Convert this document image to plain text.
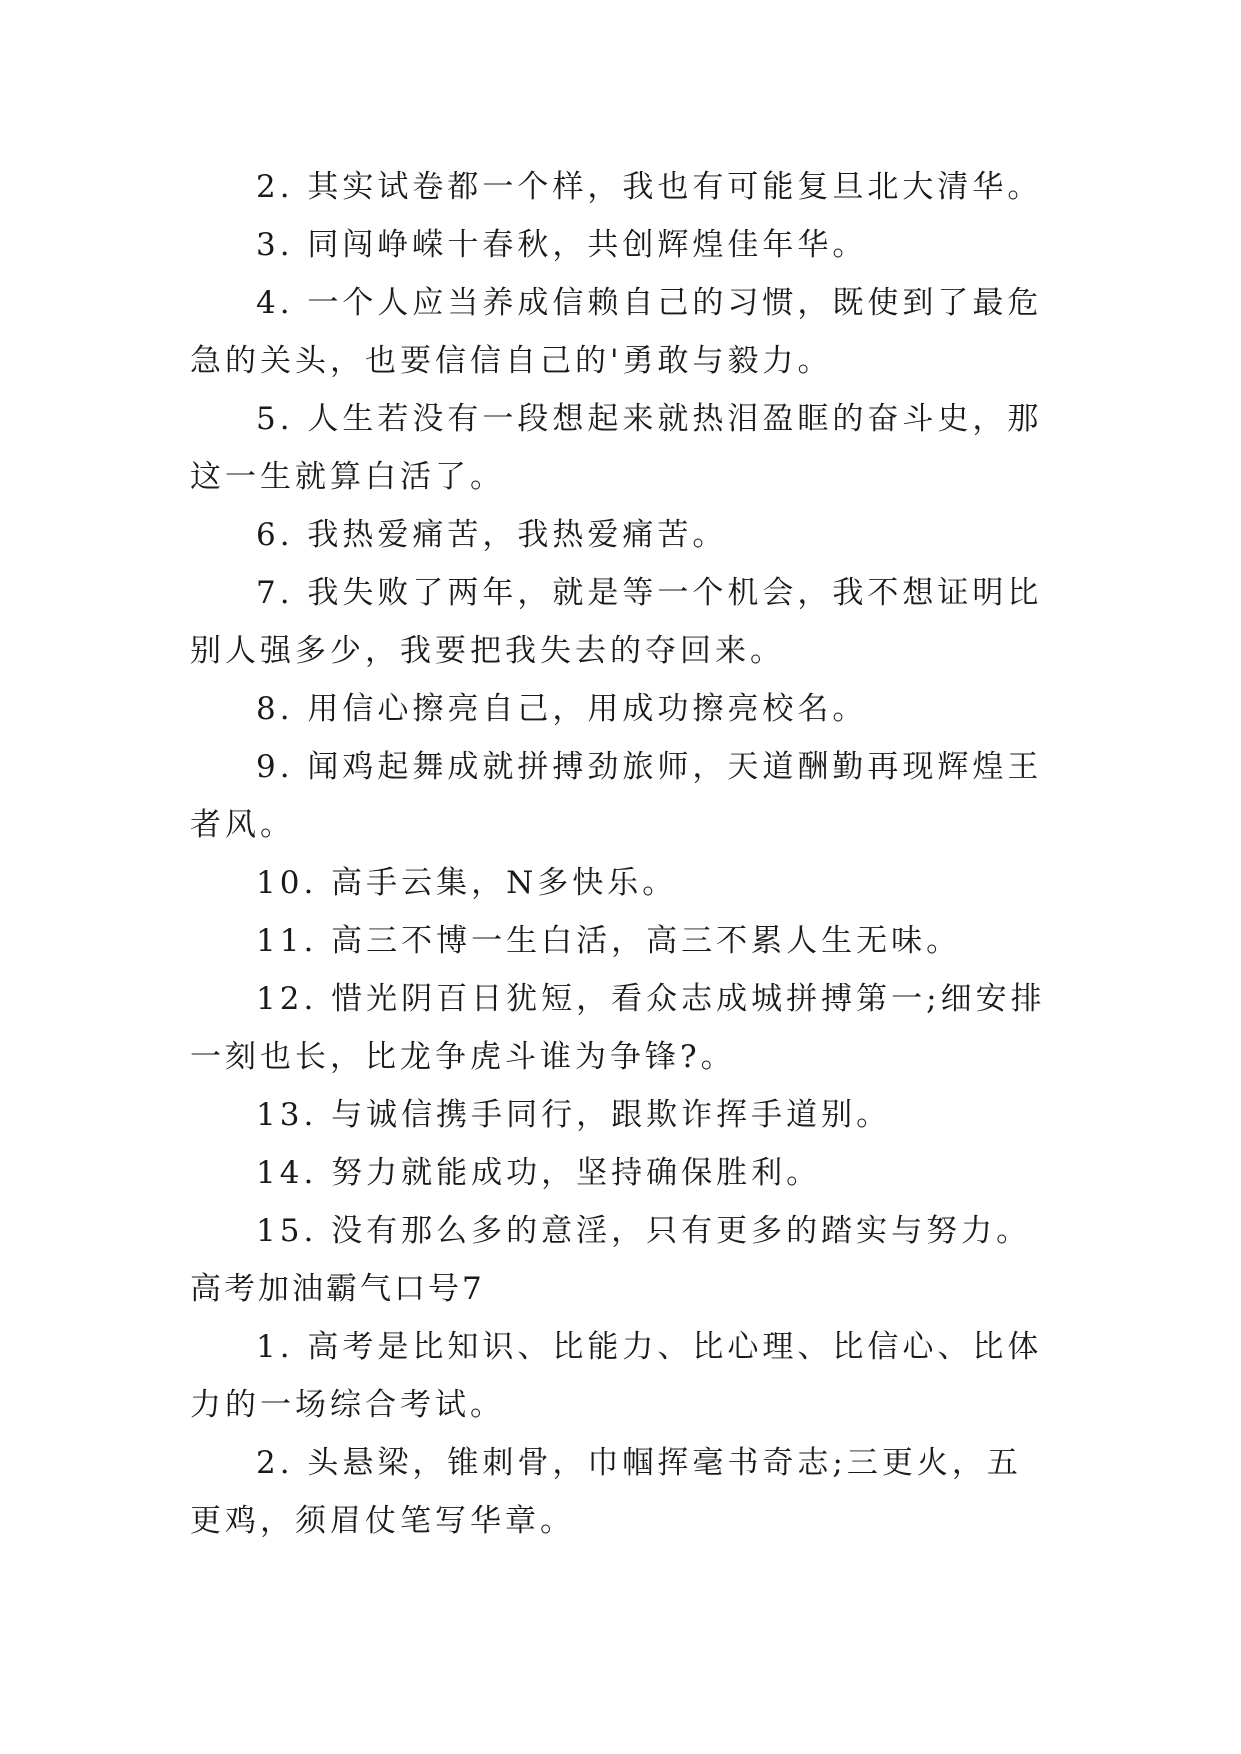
2. 其实试卷都一个样，我也有可能复旦北大清华。

3. 同闯峥嵘十春秋，共创辉煌佳年华。

4. 一个人应当养成信赖自己的习惯，既使到了最危急的关头，也要信信自己的'勇敢与毅力。

5. 人生若没有一段想起来就热泪盈眶的奋斗史，那这一生就算白活了。

6. 我热爱痛苦，我热爱痛苦。

7. 我失败了两年，就是等一个机会，我不想证明比别人强多少，我要把我失去的夺回来。

8. 用信心擦亮自己，用成功擦亮校名。

9. 闻鸡起舞成就拼搏劲旅师，天道酬勤再现辉煌王者风。

10. 高手云集，N多快乐。

11. 高三不博一生白活，高三不累人生无味。

12. 惜光阴百日犹短，看众志成城拼搏第一;细安排一刻也长，比龙争虎斗谁为争锋?。

13. 与诚信携手同行，跟欺诈挥手道别。

14. 努力就能成功，坚持确保胜利。

15. 没有那么多的意淫，只有更多的踏实与努力。

高考加油霸气口号7

1. 高考是比知识、比能力、比心理、比信心、比体力的一场综合考试。

2. 头悬梁，锥刺骨，巾帼挥毫书奇志;三更火，五更鸡，须眉仗笔写华章。
